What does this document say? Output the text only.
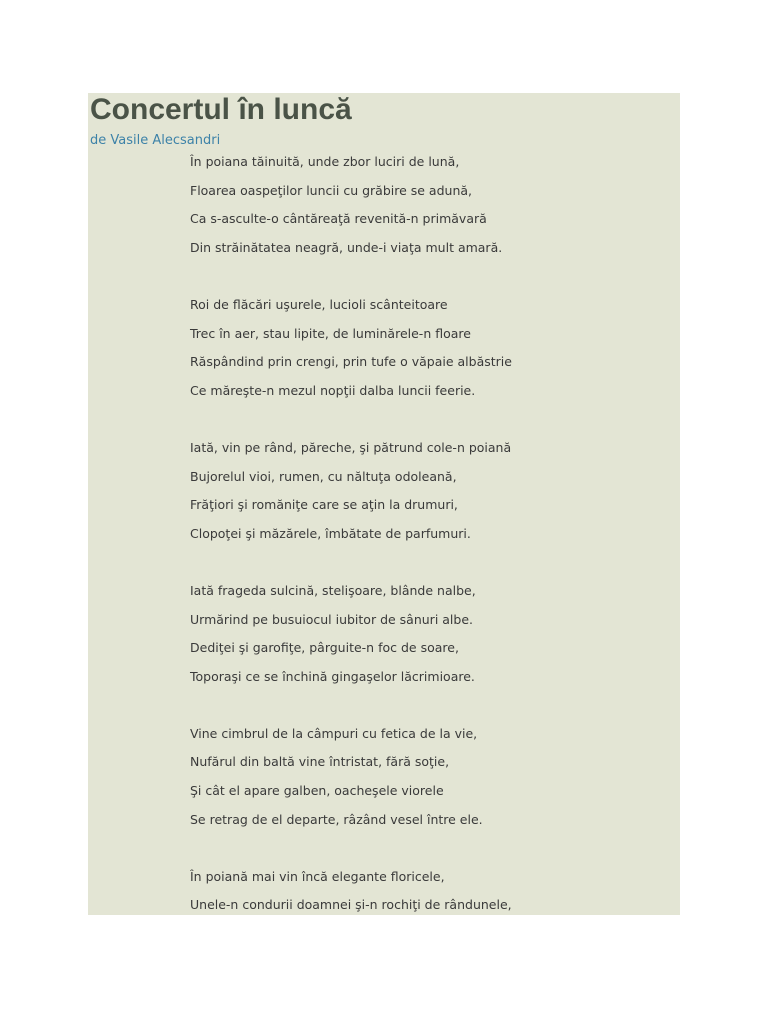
Concertul în luncă
de Vasile Alecsandri
În poiana tăinuită, unde zbor luciri de lună,
Floarea oaspeţilor luncii cu grăbire se adună,
Ca s-asculte-o cântăreaţă revenită-n primăvară
Din străinătatea neagră, unde-i viaţa mult amară.
Roi de flăcări uşurele, lucioli scânteitoare
Trec în aer, stau lipite, de luminărele-n floare
Răspândind prin crengi, prin tufe o văpaie albăstrie
Ce măreşte-n mezul nopţii dalba luncii feerie.
Iată, vin pe rând, păreche, şi pătrund cole-n poiană
Bujorelul vioi, rumen, cu năltuţa odoleană,
Frăţiori şi romăniţe care se aţin la drumuri,
Clopoţei şi măzărele, îmbătate de parfumuri.
Iată frageda sulcină, stelişoare, blânde nalbe,
Urmărind pe busuiocul iubitor de sânuri albe.
Dediţei şi garofiţe, pârguite-n foc de soare,
Toporaşi ce se închină gingaşelor lăcrimioare.
Vine cimbrul de la câmpuri cu fetica de la vie,
Nufărul din baltă vine întristat, fără soţie,
Şi cât el apare galben, oacheşele viorele
Se retrag de el departe, râzând vesel între ele.
În poiană mai vin încă elegante floricele,
Unele-n condurii doamnei şi-n rochiţi de rândunele,
